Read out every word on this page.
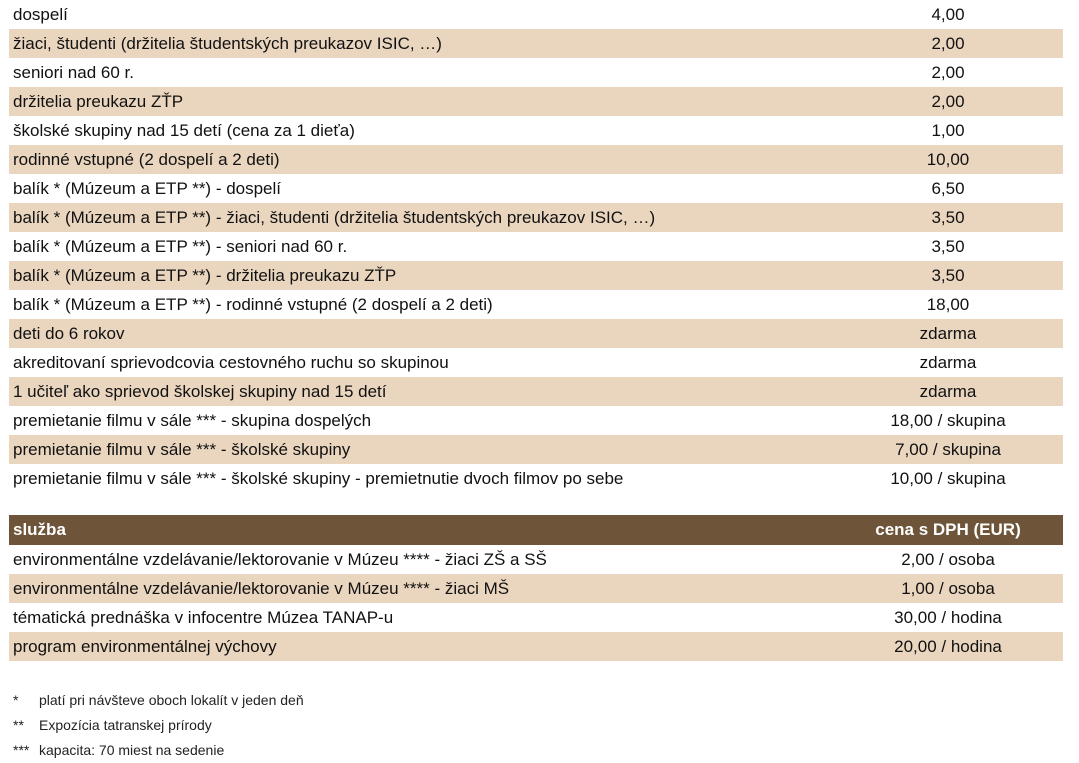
dospelí	4,00
žiaci, študenti (držitelia študentských preukazov ISIC, …)	2,00
seniori nad 60 r.	2,00
držitelia preukazu ZŤP	2,00
školské skupiny nad 15 detí (cena za 1 dieťa)	1,00
rodinné vstupné (2 dospelí a 2 deti)	10,00
balík * (Múzeum a ETP **) - dospelí	6,50
balík * (Múzeum a ETP **) - žiaci, študenti (držitelia študentských preukazov ISIC, …)	3,50
balík * (Múzeum a ETP **) - seniori nad 60 r.	3,50
balík * (Múzeum a ETP **) - držitelia preukazu ZŤP	3,50
balík * (Múzeum a ETP **) - rodinné vstupné (2 dospelí a 2 deti)	18,00
deti do 6 rokov	zdarma
akreditovaní sprievodcovia cestovného ruchu so skupinou	zdarma
1 učiteľ ako sprievod školskej skupiny nad 15 detí	zdarma
premietanie filmu v sále *** - skupina dospelých	18,00 / skupina
premietanie filmu v sále *** - školské skupiny	7,00 / skupina
premietanie filmu v sále *** - školské skupiny - premietnutie dvoch filmov po sebe	10,00 / skupina
služba	cena s DPH (EUR)
environmentálne vzdelávanie/lektorovanie v Múzeu **** - žiaci ZŠ a SŠ	2,00 / osoba
environmentálne vzdelávanie/lektorovanie v Múzeu **** - žiaci MŠ	1,00 / osoba
tématická prednáška v infocentre Múzea TANAP-u	30,00 / hodina
program environmentálnej výchovy	20,00 / hodina
*	platí pri návšteve oboch lokalít v jeden deň
**	Expozícia tatranskej prírody
*** kapacita: 70 miest na sedenie
